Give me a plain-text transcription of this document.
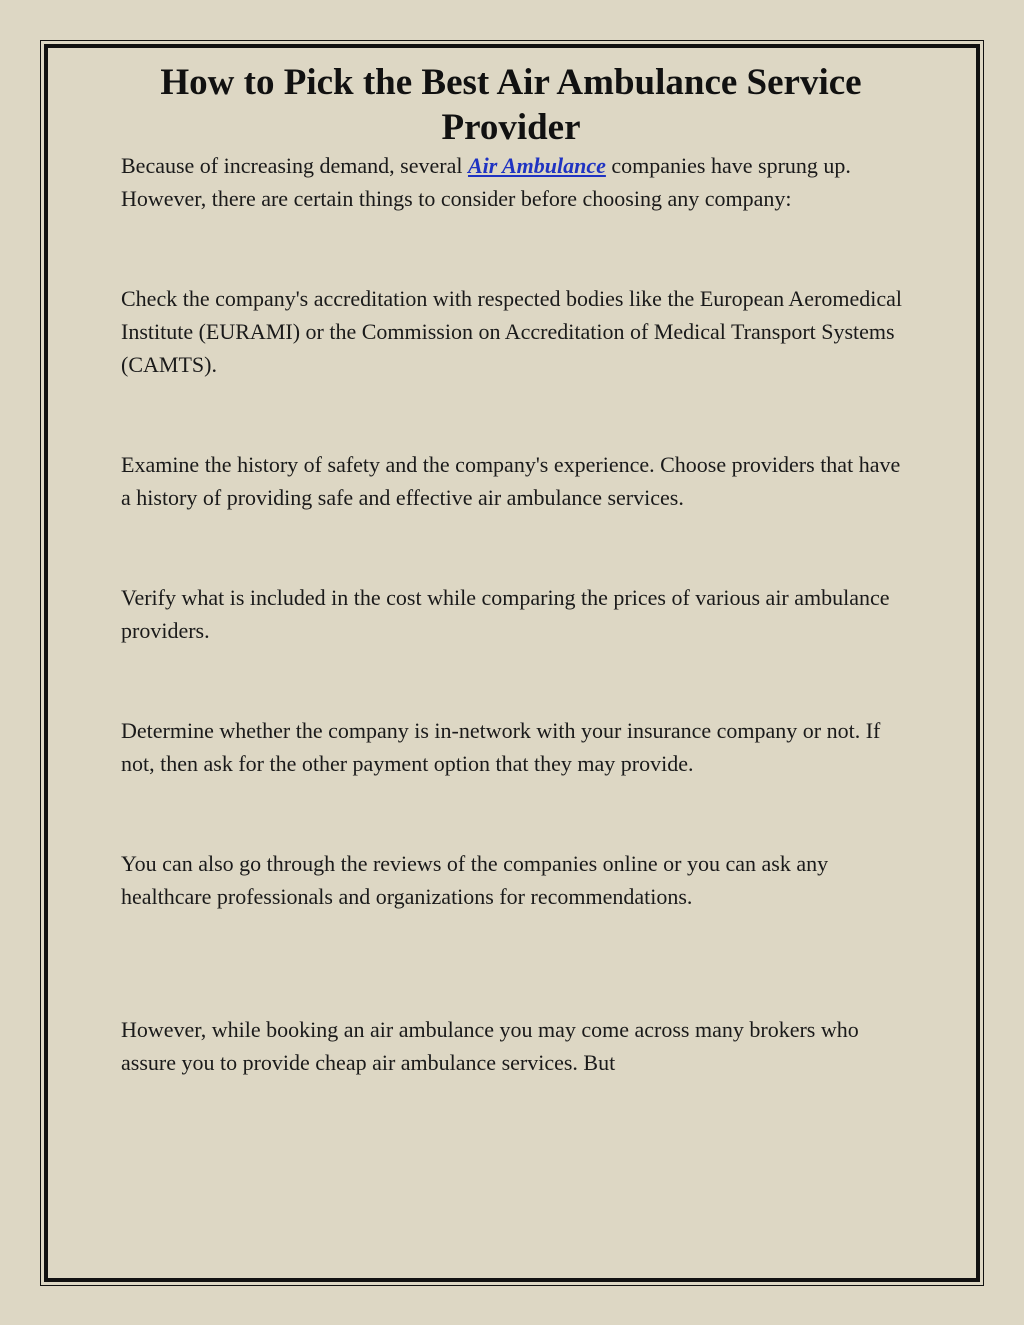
How to Pick the Best Air Ambulance Service Provider

Because of increasing demand, several Air Ambulance companies have sprung up. However, there are certain things to consider before choosing any company:

Check the company's accreditation with respected bodies like the European Aeromedical Institute (EURAMI) or the Commission on Accreditation of Medical Transport Systems (CAMTS).

Examine the history of safety and the company's experience. Choose providers that have a history of providing safe and effective air ambulance services.

Verify what is included in the cost while comparing the prices of various air ambulance providers.

Determine whether the company is in-network with your insurance company or not. If not, then ask for the other payment option that they may provide.

You can also go through the reviews of the companies online or you can ask any healthcare professionals and organizations for recommendations.

However, while booking an air ambulance you may come across many brokers who assure you to provide cheap air ambulance services. But
